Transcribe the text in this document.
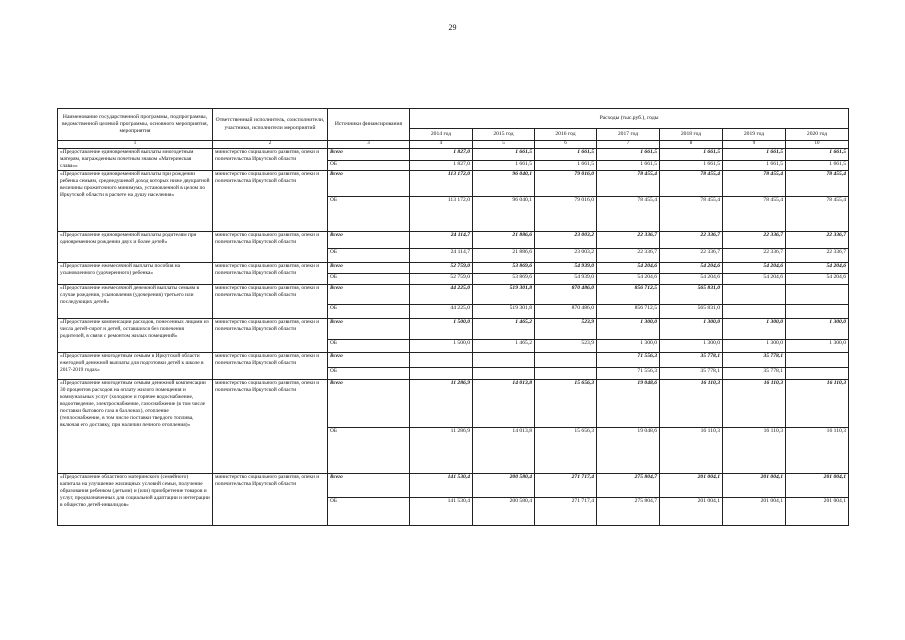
29
Наименование государственной программы, подпрограммы, ведомственной целевой программы, основного мероприятия, мероприятия	Ответственный исполнитель, соисполнители, участники, исполнители мероприятий	Источники финансирования	Расходы (тыс.руб.), годы						
			2014 год	2015 год	2016 год	2017 год	2018 год	2019 год	2020 год
1	2	3	4	5	6	7	8	9	10
«Предоставление единовременной выплаты многодетным матерям, награжденным почетным знаком «Материнская слава»»	министерство социального развития, опеки и попечительства Иркутской области	Всего	1 827,0	1 661,5	1 661,5	1 661,5	1 661,5	1 661,5	1 661,5
		ОБ	1 827,0	1 661,5	1 661,5	1 661,5	1 661,5	1 661,5	1 661,5
«Предоставление единовременной выплаты при рождении ребенка семьям, среднедушевой доход которых ниже двукратной величины прожиточного минимума, установленной в целом по Иркутской области в расчете на душу населения»	министерство социального развития, опеки и попечительства Иркутской области	Всего	113 172,0	96 040,1	79 016,0	78 455,4	78 455,4	78 455,4	78 455,4
		ОБ	113 172,0	96 040,1	79 016,0	78 455,4	78 455,4	78 455,4	78 455,4
«Предоставление единовременной выплаты родителям при одновременном рождении двух и более детей»	министерство социального развития, опеки и попечительства Иркутской области	Всего	24 114,7	21 886,6	23 003,2	22 336,7	22 336,7	22 336,7	22 336,7
		ОБ	24 114,7	21 886,6	23 003,2	22 336,7	22 336,7	22 336,7	22 336,7
«Предоставление ежемесячной выплаты пособия на усыновленного (удочеренного) ребенка»	министерство социального развития, опеки и попечительства Иркутской области	Всего	52 759,0	53 869,6	54 939,0	54 204,6	54 204,6	54 204,6	54 204,6
		ОБ	52 759,0	53 869,6	54 939,0	54 204,6	54 204,6	54 204,6	54 204,6
«Предоставление ежемесячной денежной выплаты семьям в случае рождения, усыновления (удочерения) третьего или последующих детей»	министерство социального развития, опеки и попечительства Иркутской области	Всего	44 225,0	519 301,8	870 486,0	856 712,5	565 831,0		
		ОБ	44 225,0	519 301,8	870 486,0	856 712,5	565 831,0		
«Предоставление компенсации расходов, понесенных лицами из числа детей-сирот и детей, оставшихся без попечения родителей, в связи с ремонтом жилых помещений»	министерство социального развития, опеки и попечительства Иркутской области	Всего	1 500,0	1 465,2	523,9	1 300,0	1 300,0	1 300,0	1 300,0
		ОБ	1 500,0	1 465,2	523,9	1 300,0	1 300,0	1 300,0	1 300,0
«Предоставление многодетным семьям в Иркутской области ежегодной денежной выплаты для подготовки детей к школе в 2017-2019 годах»	министерство социального развития, опеки и попечительства Иркутской области	Всего				71 556,3	35 778,1	35 778,1	
		ОБ				71 556,3	35 778,1	35 778,1	
«Предоставление многодетным семьям денежной компенсации 30 процентов расходов на оплату жилого помещения и коммунальных услуг (холодное и горячее водоснабжение, водоотведение, электроснабжение, газоснабжение (в том числе поставки бытового газа в баллонах), отопление (теплоснабжение, в том числе поставки твердого топлива, включая его доставку, при наличии печного отопления)»	министерство социального развития, опеки и попечительства Иркутской области	Всего	11 286,9	14 013,8	15 656,3	19 048,6	16 110,3	16 110,3	16 110,3
		ОБ	11 286,9	14 013,8	15 656,3	19 048,6	16 110,3	16 110,3	16 110,3
«Предоставление областного материнского (семейного) капитала на улучшение жилищных условий семьи, получение образования ребенком (детьми) и (или) приобретение товаров и услуг, предназначенных для социальной адаптации и интеграции в общество детей-инвалидов»	министерство социального развития, опеки и попечительства Иркутской области	Всего	141 530,4	200 580,4	271 717,4	275 804,7	201 004,1	201 004,1	201 004,1
		ОБ	141 530,4	200 580,4	271 717,4	275 804,7	201 004,1	201 004,1	201 004,1
